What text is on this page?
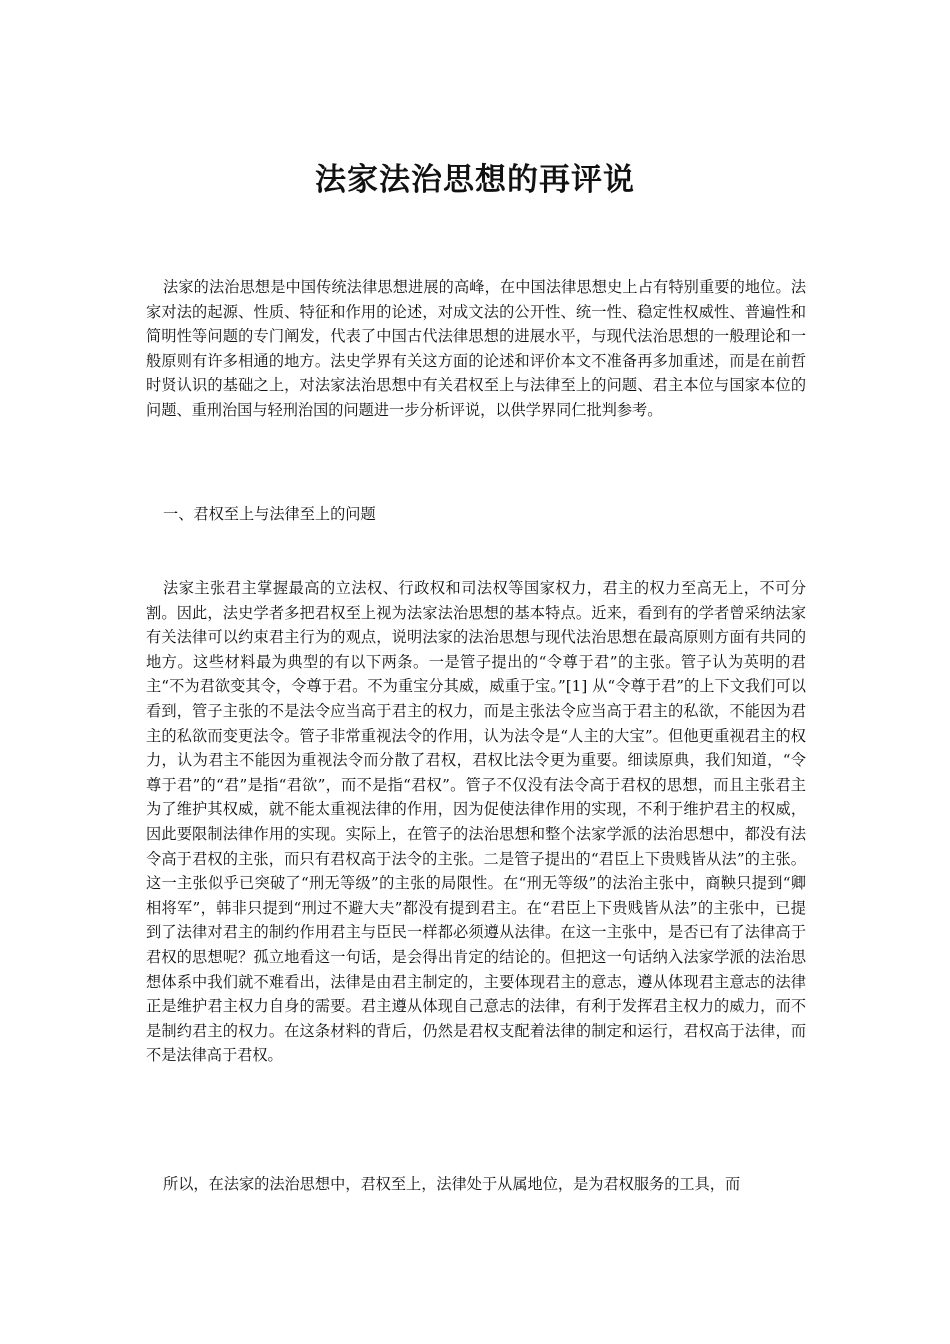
法家法治思想的再评说

法家的法治思想是中国传统法律思想进展的高峰，在中国法律思想史上占有特别重要的地位。法家对法的起源、性质、特征和作用的论述，对成文法的公开性、统一性、稳定性权威性、普遍性和简明性等问题的专门阐发，代表了中国古代法律思想的进展水平，与现代法治思想的一般理论和一般原则有许多相通的地方。法史学界有关这方面的论述和评价本文不准备再多加重述，而是在前哲时贤认识的基础之上，对法家法治思想中有关君权至上与法律至上的问题、君主本位与国家本位的问题、重刑治国与轻刑治国的问题进一步分析评说，以供学界同仁批判参考。

一、君权至上与法律至上的问题

法家主张君主掌握最高的立法权、行政权和司法权等国家权力，君主的权力至高无上，不可分割。因此，法史学者多把君权至上视为法家法治思想的基本特点。近来，看到有的学者曾采纳法家有关法律可以约束君主行为的观点，说明法家的法治思想与现代法治思想在最高原则方面有共同的地方。这些材料最为典型的有以下两条。一是管子提出的“令尊于君”的主张。管子认为英明的君主“不为君欲变其令，令尊于君。不为重宝分其威，威重于宝。”[1] 从“令尊于君”的上下文我们可以看到，管子主张的不是法令应当高于君主的权力，而是主张法令应当高于君主的私欲，不能因为君主的私欲而变更法令。管子非常重视法令的作用，认为法令是“人主的大宝”。但他更重视君主的权力，认为君主不能因为重视法令而分散了君权，君权比法令更为重要。细读原典，我们知道，“令尊于君”的“君”是指“君欲”，而不是指“君权”。管子不仅没有法令高于君权的思想，而且主张君主为了维护其权威，就不能太重视法律的作用，因为促使法律作用的实现，不利于维护君主的权威，因此要限制法律作用的实现。实际上，在管子的法治思想和整个法家学派的法治思想中，都没有法令高于君权的主张，而只有君权高于法令的主张。二是管子提出的“君臣上下贵贱皆从法”的主张。这一主张似乎已突破了“刑无等级”的主张的局限性。在“刑无等级”的法治主张中，商鞅只提到“卿相将军”，韩非只提到“刑过不避大夫”都没有提到君主。在“君臣上下贵贱皆从法”的主张中，已提到了法律对君主的制约作用君主与臣民一样都必须遵从法律。在这一主张中，是否已有了法律高于君权的思想呢？孤立地看这一句话，是会得出肯定的结论的。但把这一句话纳入法家学派的法治思想体系中我们就不难看出，法律是由君主制定的，主要体现君主的意志，遵从体现君主意志的法律正是维护君主权力自身的需要。君主遵从体现自己意志的法律，有利于发挥君主权力的威力，而不是制约君主的权力。在这条材料的背后，仍然是君权支配着法律的制定和运行，君权高于法律，而不是法律高于君权。

所以，在法家的法治思想中，君权至上，法律处于从属地位，是为君权服务的工具，而
